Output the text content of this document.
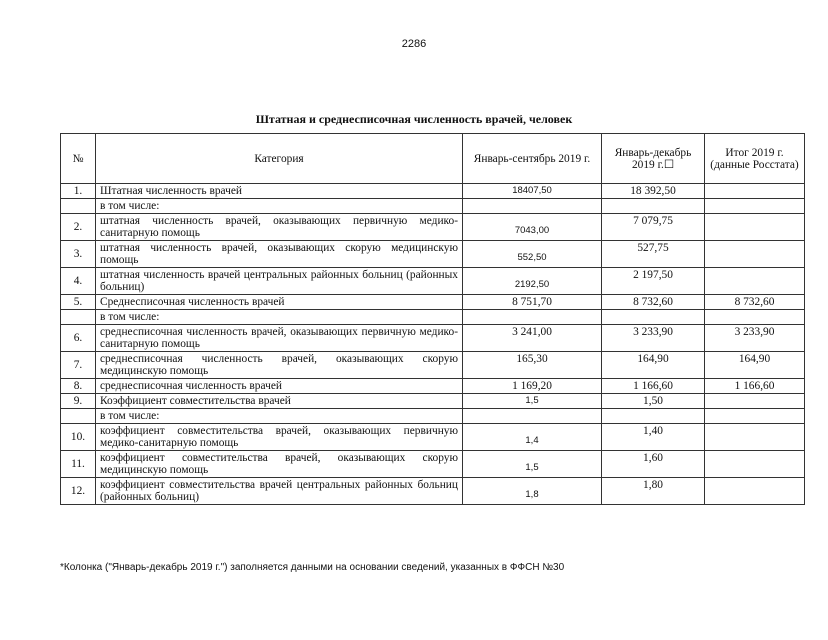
2286
Штатная и среднесписочная численность врачей, человек
№	Категория	Январь-сентябрь 2019 г.	Январь-декабрь 2019 г.☐	Итог 2019 г. (данные Росстата)
1.	Штатная численность врачей	18407,50	18 392,50	
	в том числе:			
2.	штатная численность врачей, оказывающих первичную медико-санитарную помощь	7043,00	7 079,75	
3.	штатная численность врачей, оказывающих скорую медицинскую помощь	552,50	527,75	
4.	штатная численность врачей центральных районных больниц (районных больниц)	2192,50	2 197,50	
5.	Среднесписочная численность врачей	8 751,70	8 732,60	8 732,60
	в том числе:			
6.	среднесписочная численность врачей, оказывающих первичную медико-санитарную помощь	3 241,00	3 233,90	3 233,90
7.	среднесписочная численность врачей, оказывающих скорую медицинскую помощь	165,30	164,90	164,90
8.	среднесписочная численность врачей	1 169,20	1 166,60	1 166,60
9.	Коэффициент совместительства врачей	1,5	1,50	
	в том числе:			
10.	коэффициент совместительства врачей, оказывающих первичную медико-санитарную помощь	1,4	1,40	
11.	коэффициент совместительства врачей, оказывающих скорую медицинскую помощь	1,5	1,60	
12.	коэффициент совместительства врачей центральных районных больниц (районных больниц)	1,8	1,80	
*Колонка ("Январь-декабрь 2019 г.") заполняется данными на основании сведений, указанных в ФФСН №30
